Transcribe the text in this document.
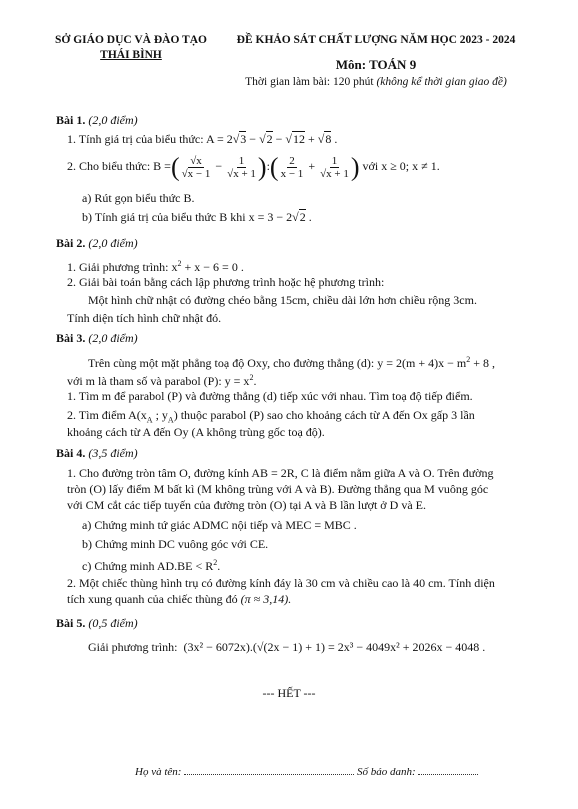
SỞ GIÁO DỤC VÀ ĐÀO TẠO
THÁI BÌNH
ĐỀ KHẢO SÁT CHẤT LƯỢNG NĂM HỌC 2023 - 2024
Môn: TOÁN 9
Thời gian làm bài: 120 phút (không kể thời gian giao đề)
Bài 1. (2,0 điểm)
1. Tính giá trị của biểu thức: A = 2√3 − √2 − √12 + √8 .
2. Cho biểu thức: B =( $\frac{√x}{√x - 1} - \frac{1}{√x + 1}$ ):( $\frac{2}{x - 1} + \frac{1}{√x + 1}$ ) với x ≥ 0; x ≠ 1.
a) Rút gọn biểu thức B.
b) Tính giá trị của biểu thức B khi x = 3 − 2√2 .
Bài 2. (2,0 điểm)
1. Giải phương trình: $x^2 + x - 6 = 0$ .
2. Giải bài toán bằng cách lập phương trình hoặc hệ phương trình:
Một hình chữ nhật có đường chéo bằng 15cm, chiều dài lớn hơn chiều rộng 3cm.
Tính diện tích hình chữ nhật đó.
Bài 3. (2,0 điểm)
Trên cùng một mặt phẳng toạ độ Oxy, cho đường thẳng (d): $y = 2(m + 4)x - m^2 + 8$ ,
với m là tham số và parabol (P): $y = x^2$.
1. Tìm m để parabol (P) và đường thẳng (d) tiếp xúc với nhau. Tìm toạ độ tiếp điểm.
2. Tìm điểm $A(x_A$ ; $y_A$) thuộc parabol (P) sao cho khoảng cách từ A đến Ox gấp 3 lần
khoảng cách từ A đến Oy (A không trùng gốc toạ độ).
Bài 4. (3,5 điểm)
1. Cho đường tròn tâm O, đường kính AB = 2R, C là điểm nằm giữa A và O. Trên đường
tròn (O) lấy điểm M bất kì (M không trùng với A và B). Đường thẳng qua M vuông góc
với CM cắt các tiếp tuyến của đường tròn (O) tại A và B lần lượt ở D và E.
a) Chứng minh tứ giác ADMC nội tiếp và MEC = MBC .
b) Chứng minh DC vuông góc với CE.
c) Chứng minh $AD.BE < R^2$.
2. Một chiếc thùng hình trụ có đường kính đáy là 30 cm và chiều cao là 40 cm. Tính diện
tích xung quanh của chiếc thùng đó (π ≈ 3,14).
Bài 5. (0,5 điểm)
Giải phương trình: (3x² − 6072x).(√(2x − 1) + 1) = 2x³ − 4049x² + 2026x − 4048 .
--- HẾT ---
Họ và tên:	Số báo danh:
